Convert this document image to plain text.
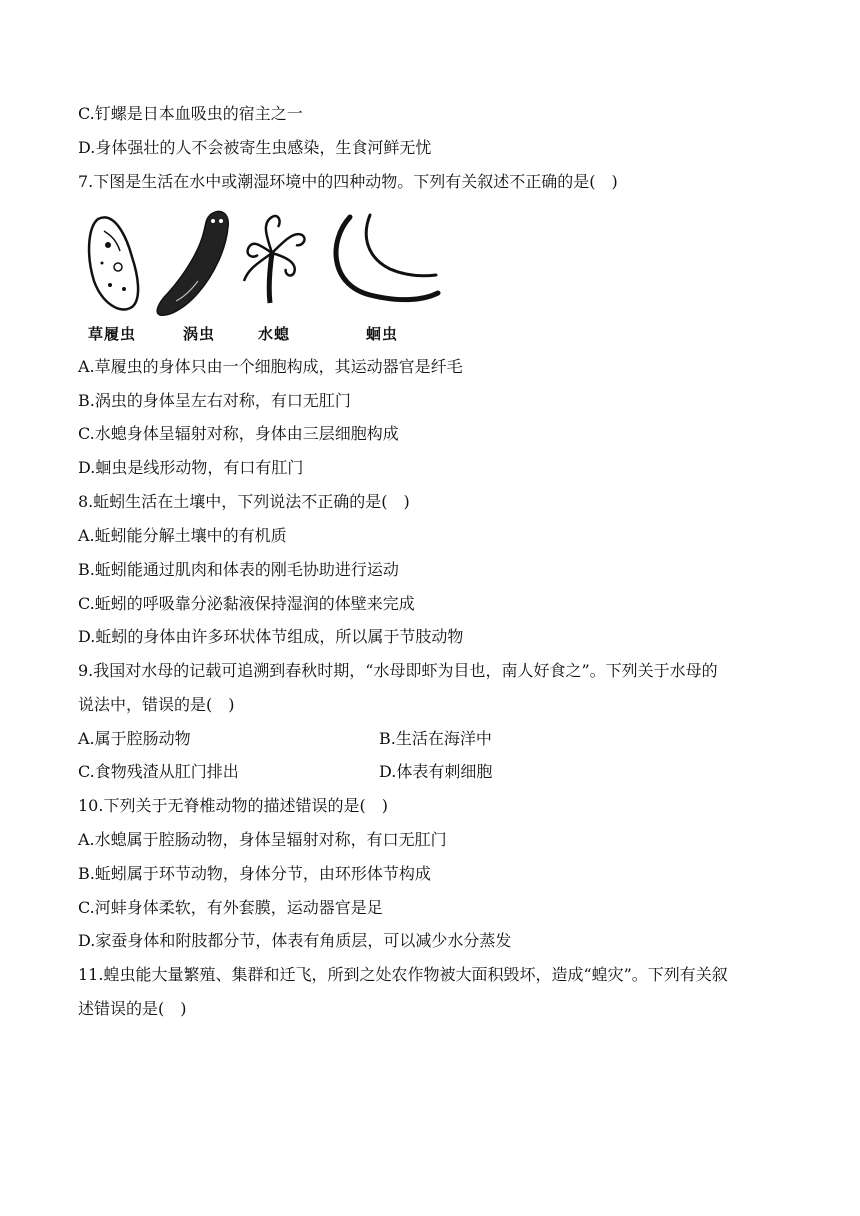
C.钉螺是日本血吸虫的宿主之一
D.身体强壮的人不会被寄生虫感染，生食河鲜无忧
7.下图是生活在水中或潮湿环境中的四种动物。下列有关叙述不正确的是(　)
草履虫	涡虫	水螅	蛔虫
A.草履虫的身体只由一个细胞构成，其运动器官是纤毛
B.涡虫的身体呈左右对称，有口无肛门
C.水螅身体呈辐射对称，身体由三层细胞构成
D.蛔虫是线形动物，有口有肛门
8.蚯蚓生活在土壤中，下列说法不正确的是(　)
A.蚯蚓能分解土壤中的有机质
B.蚯蚓能通过肌肉和体表的刚毛协助进行运动
C.蚯蚓的呼吸靠分泌黏液保持湿润的体壁来完成
D.蚯蚓的身体由许多环状体节组成，所以属于节肢动物
9.我国对水母的记载可追溯到春秋时期，“水母即虾为目也，南人好食之”。下列关于水母的
说法中，错误的是(　)
A.属于腔肠动物	B.生活在海洋中
C.食物残渣从肛门排出	D.体表有刺细胞
10.下列关于无脊椎动物的描述错误的是(　)
A.水螅属于腔肠动物，身体呈辐射对称，有口无肛门
B.蚯蚓属于环节动物，身体分节，由环形体节构成
C.河蚌身体柔软，有外套膜，运动器官是足
D.家蚕身体和附肢都分节，体表有角质层，可以减少水分蒸发
11.蝗虫能大量繁殖、集群和迁飞，所到之处农作物被大面积毁坏，造成“蝗灾”。下列有关叙
述错误的是(　)
